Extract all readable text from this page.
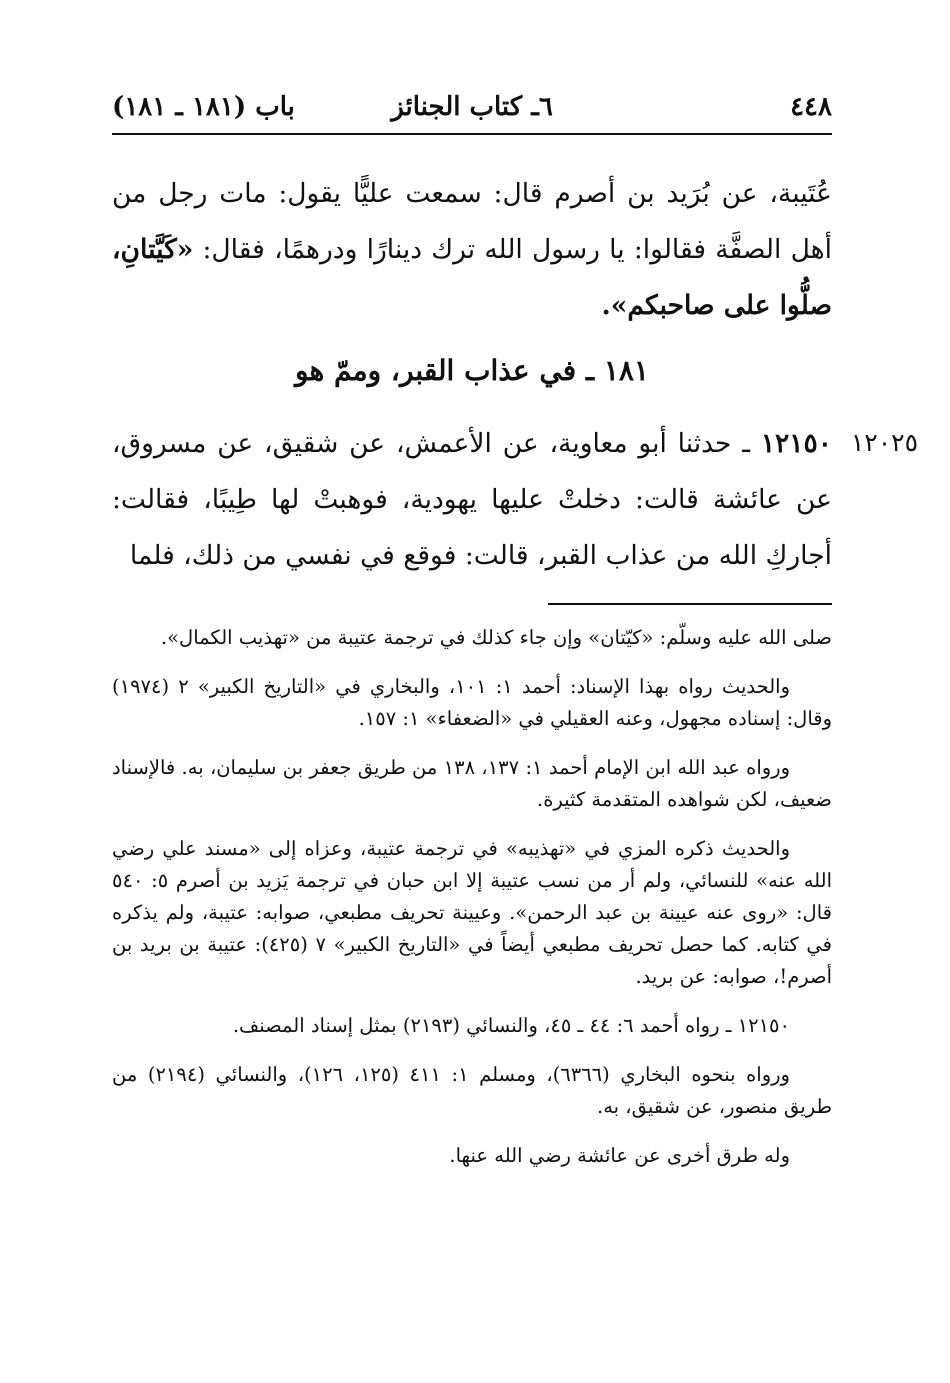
٤٤٨
٦ـ كتاب الجنائز
باب (١٨١ ـ ١٨١)

عُتَيبة، عن بُرَيد بن أصرم قال: سمعت عليًّا يقول: مات رجل من أهل الصفَّة فقالوا: يا رسول الله ترك دينارًا ودرهمًا، فقال: «كَيَّتانِ، صلُّوا على صاحبكم».

١٨١ ـ في عذاب القبر، وممّ هو
١٢٠٢٥

١٢١٥٠ ـ حدثنا أبو معاوية، عن الأعمش، عن شقيق، عن مسروق، عن عائشة قالت: دخلتْ عليها يهودية، فوهبتْ لها طِيبًا، فقالت: أجاركِ الله من عذاب القبر، قالت: فوقع في نفسي من ذلك، فلما

صلى الله عليه وسلّم: «كيّتان» وإن جاء كذلك في ترجمة عتيبة من «تهذيب الكمال».

والحديث رواه بهذا الإسناد: أحمد ١: ١٠١، والبخاري في «التاريخ الكبير» ٢ (١٩٧٤) وقال: إسناده مجهول، وعنه العقيلي في «الضعفاء» ١: ١٥٧.

ورواه عبد الله ابن الإمام أحمد ١: ١٣٧، ١٣٨ من طريق جعفر بن سليمان، به. فالإسناد ضعيف، لكن شواهده المتقدمة كثيرة.

والحديث ذكره المزي في «تهذيبه» في ترجمة عتيبة، وعزاه إلى «مسند علي رضي الله عنه» للنسائي، ولم أر من نسب عتيبة إلا ابن حبان في ترجمة يَزيد بن أصرم ٥: ٥٤٠ قال: «روى عنه عيينة بن عبد الرحمن». وعيينة تحريف مطبعي، صوابه: عتيبة، ولم يذكره في كتابه. كما حصل تحريف مطبعي أيضاً في «التاريخ الكبير» ٧ (٤٢٥): عتيبة بن بريد بن أصرم!، صوابه: عن بريد.

١٢١٥٠ ـ رواه أحمد ٦: ٤٤ ـ ٤٥، والنسائي (٢١٩٣) بمثل إسناد المصنف.

ورواه بنحوه البخاري (٦٣٦٦)، ومسلم ١: ٤١١ (١٢٥، ١٢٦)، والنسائي (٢١٩٤) من طريق منصور، عن شقيق، به.

وله طرق أخرى عن عائشة رضي الله عنها.
